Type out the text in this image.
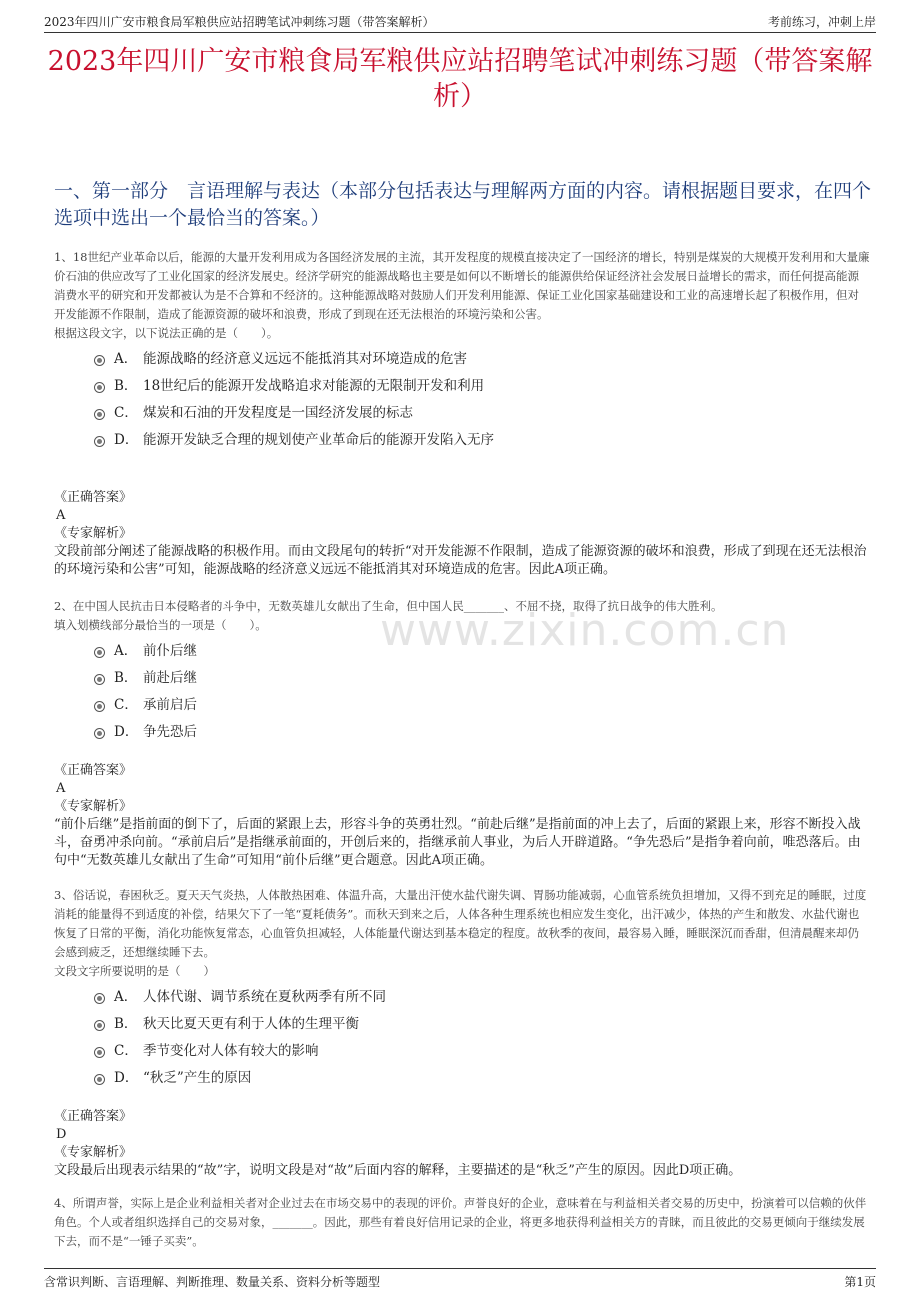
2023年四川广安市粮食局军粮供应站招聘笔试冲刺练习题（带答案解析）	考前练习，冲刺上岸
2023年四川广安市粮食局军粮供应站招聘笔试冲刺练习题（带答案解析）
一、第一部分　言语理解与表达（本部分包括表达与理解两方面的内容。请根据题目要求，在四个选项中选出一个最恰当的答案。）
www.zixin.com.cn
1、18世纪产业革命以后，能源的大量开发利用成为各国经济发展的主流，其开发程度的规模直接决定了一国经济的增长，特别是煤炭的大规模开发利用和大量廉价石油的供应改写了工业化国家的经济发展史。经济学研究的能源战略也主要是如何以不断增长的能源供给保证经济社会发展日益增长的需求，而任何提高能源消费水平的研究和开发都被认为是不合算和不经济的。这种能源战略对鼓励人们开发利用能源、保证工业化国家基础建设和工业的高速增长起了积极作用，但对开发能源不作限制，造成了能源资源的破坏和浪费，形成了到现在还无法根治的环境污染和公害。
根据这段文字，以下说法正确的是（　　）。
A． 能源战略的经济意义远远不能抵消其对环境造成的危害
B． 18世纪后的能源开发战略追求对能源的无限制开发和利用
C． 煤炭和石油的开发程度是一国经济发展的标志
D． 能源开发缺乏合理的规划使产业革命后的能源开发陷入无序
《正确答案》
A
《专家解析》
文段前部分阐述了能源战略的积极作用。而由文段尾句的转折“对开发能源不作限制，造成了能源资源的破坏和浪费，形成了到现在还无法根治的环境污染和公害”可知，能源战略的经济意义远远不能抵消其对环境造成的危害。因此A项正确。
2、在中国人民抗击日本侵略者的斗争中，无数英雄儿女献出了生命，但中国人民_______、不屈不挠，取得了抗日战争的伟大胜利。
填入划横线部分最恰当的一项是（　　）。
A． 前仆后继
B． 前赴后继
C． 承前启后
D． 争先恐后
《正确答案》
A
《专家解析》
“前仆后继”是指前面的倒下了，后面的紧跟上去，形容斗争的英勇壮烈。“前赴后继”是指前面的冲上去了，后面的紧跟上来，形容不断投入战斗，奋勇冲杀向前。“承前启后”是指继承前面的，开创后来的，指继承前人事业，为后人开辟道路。“争先恐后”是指争着向前，唯恐落后。由句中“无数英雄儿女献出了生命”可知用“前仆后继”更合题意。因此A项正确。
3、俗话说，春困秋乏。夏天天气炎热，人体散热困难、体温升高，大量出汗使水盐代谢失调、胃肠功能减弱，心血管系统负担增加，又得不到充足的睡眠，过度消耗的能量得不到适度的补偿，结果欠下了一笔“夏耗债务”。而秋天到来之后，人体各种生理系统也相应发生变化，出汗减少，体热的产生和散发、水盐代谢也恢复了日常的平衡，消化功能恢复常态，心血管负担减轻，人体能量代谢达到基本稳定的程度。故秋季的夜间，最容易入睡，睡眠深沉而香甜，但清晨醒来却仍会感到疲乏，还想继续睡下去。
文段文字所要说明的是（　　）
A． 人体代谢、调节系统在夏秋两季有所不同
B． 秋天比夏天更有利于人体的生理平衡
C． 季节变化对人体有较大的影响
D． “秋乏”产生的原因
《正确答案》
D
《专家解析》
文段最后出现表示结果的“故”字，说明文段是对“故”后面内容的解释，主要描述的是“秋乏”产生的原因。因此D项正确。
4、所谓声誉，实际上是企业利益相关者对企业过去在市场交易中的表现的评价。声誉良好的企业，意味着在与利益相关者交易的历史中，扮演着可以信赖的伙伴角色。个人或者组织选择自己的交易对象，_______。因此，那些有着良好信用记录的企业，将更多地获得利益相关方的青睐，而且彼此的交易更倾向于继续发展下去，而不是“一锤子买卖”。
含常识判断、言语理解、判断推理、数量关系、资料分析等题型	第1页
